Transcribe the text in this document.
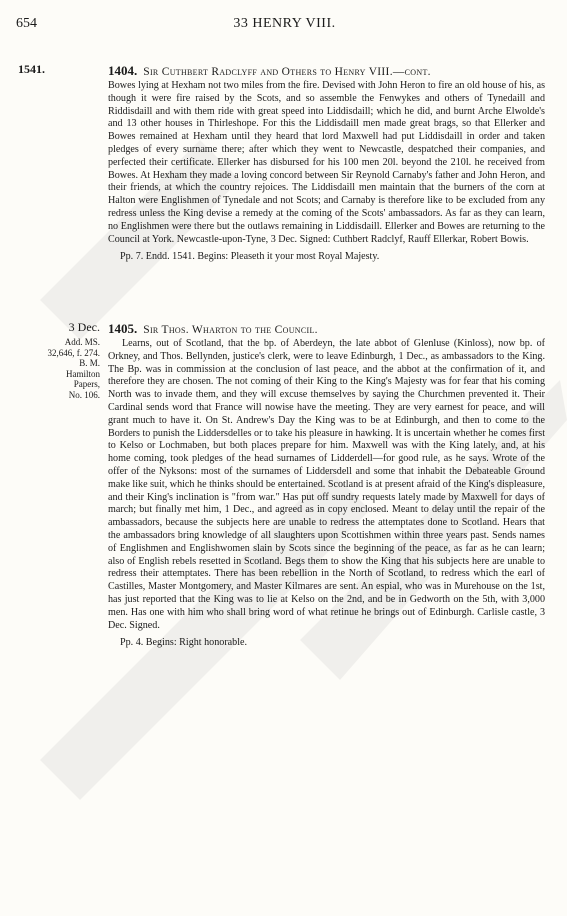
654	33 HENRY VIII.
1541.
3 Dec.
Add. MS.
32,646, f. 274.
B. M.
Hamilton
Papers,
No. 106.

1404. Sir Cuthbert Radclyff and Others to Henry VIII.—cont.

Bowes lying at Hexham not two miles from the fire. Devised with John Heron to fire an old house of his, as though it were fire raised by the Scots, and so assemble the Fenwykes and others of Tynedaill and Riddisdaill and with them ride with great speed into Liddisdaill; which he did, and burnt Arche Elwolde's and 13 other houses in Thirleshope. For this the Liddisdaill men made great brags, so that Ellerker and Bowes remained at Hexham until they heard that lord Maxwell had put Liddisdaill in order and taken pledges of every surname there; after which they went to Newcastle, despatched their companies, and perfected their certificate. Ellerker has disbursed for his 100 men 20l. beyond the 210l. he received from Bowes. At Hexham they made a loving concord between Sir Reynold Carnaby's father and John Heron, and their friends, at which the country rejoices. The Liddisdaill men maintain that the burners of the corn at Halton were Englishmen of Tynedale and not Scots; and Carnaby is therefore like to be excluded from any redress unless the King devise a remedy at the coming of the Scots' ambassadors. As far as they can learn, no Englishmen were there but the outlaws remaining in Liddisdaill. Ellerker and Bowes are returning to the Council at York. Newcastle-upon-Tyne, 3 Dec. Signed: Cuthbert Radclyf, Rauff Ellerkar, Robert Bowis.

Pp. 7. Endd. 1541. Begins: Pleaseth it your most Royal Majesty.

1405. Sir Thos. Wharton to the Council.

Learns, out of Scotland, that the bp. of Aberdeyn, the late abbot of Glenluse (Kinloss), now bp. of Orkney, and Thos. Bellynden, justice's clerk, were to leave Edinburgh, 1 Dec., as ambassadors to the King. The Bp. was in commission at the conclusion of last peace, and the abbot at the confirmation of it, and therefore they are chosen. The not coming of their King to the King's Majesty was for fear that his coming North was to invade them, and they will excuse themselves by saying the Churchmen prevented it. Their Cardinal sends word that France will nowise have the meeting. They are very earnest for peace, and will grant much to have it. On St. Andrew's Day the King was to be at Edinburgh, and then to come to the Borders to punish the Liddersdelles or to take his pleasure in hawking. It is uncertain whether he comes first to Kelso or Lochmaben, but both places prepare for him. Maxwell was with the King lately, and, at his home coming, took pledges of the head surnames of Lidderdell—for good rule, as he says. Wrote of the offer of the Nyksons: most of the surnames of Liddersdell and some that inhabit the Debateable Ground make like suit, which he thinks should be entertained. Scotland is at present afraid of the King's displeasure, and their King's inclination is "from war." Has put off sundry requests lately made by Maxwell for days of march; but finally met him, 1 Dec., and agreed as in copy enclosed. Meant to delay until the repair of the ambassadors, because the subjects here are unable to redress the attemptates done to Scotland. Hears that the ambassadors bring knowledge of all slaughters upon Scottishmen within three years past. Sends names of Englishmen and Englishwomen slain by Scots since the beginning of the peace, as far as he can learn; also of English rebels resetted in Scotland. Begs them to show the King that his subjects here are unable to redress their attemptates. There has been rebellion in the North of Scotland, to redress which the earl of Castilles, Master Montgomery, and Master Kilmares are sent. An espial, who was in Murehouse on the 1st, has just reported that the King was to lie at Kelso on the 2nd, and be in Gedworth on the 5th, with 3,000 men. Has one with him who shall bring word of what retinue he brings out of Edinburgh. Carlisle castle, 3 Dec. Signed.

Pp. 4. Begins: Right honorable.
